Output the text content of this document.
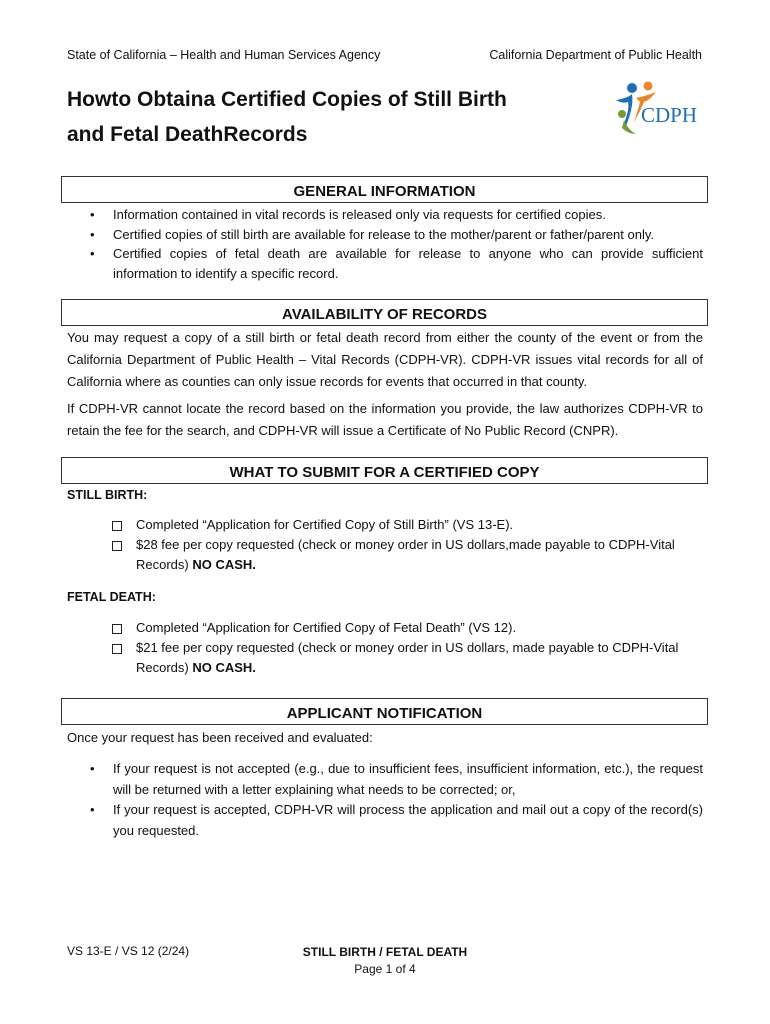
State of California – Health and Human Services Agency	California Department of Public Health
Howto Obtaina Certified Copies of Still Birth
and Fetal DeathRecords
CDPH
GENERAL INFORMATION
• Information contained in vital records is released only via requests for certified copies.
• Certified copies of still birth are available for release to the mother/parent or father/parent only.
• Certified copies of fetal death are available for release to anyone who can provide sufficient information to identify a specific record.
AVAILABILITY OF RECORDS
You may request a copy of a still birth or fetal death record from either the county of the event or from the California Department of Public Health – Vital Records (CDPH-VR). CDPH-VR issues vital records for all of California where as counties can only issue records for events that occurred in that county.
If CDPH-VR cannot locate the record based on the information you provide, the law authorizes CDPH-VR to retain the fee for the search, and CDPH-VR will issue a Certificate of No Public Record (CNPR).
WHAT TO SUBMIT FOR A CERTIFIED COPY
STILL BIRTH:
Completed “Application for Certified Copy of Still Birth” (VS 13-E).
$28 fee per copy requested (check or money order in US dollars,made payable to CDPH-Vital Records) NO CASH.
FETAL DEATH:
Completed “Application for Certified Copy of Fetal Death” (VS 12).
$21 fee per copy requested (check or money order in US dollars, made payable to CDPH-Vital Records) NO CASH.
APPLICANT NOTIFICATION
Once your request has been received and evaluated:
• If your request is not accepted (e.g., due to insufficient fees, insufficient information, etc.), the request will be returned with a letter explaining what needs to be corrected; or,
• If your request is accepted, CDPH-VR will process the application and mail out a copy of the record(s) you requested.
VS 13-E / VS 12 (2/24)	STILL BIRTH / FETAL DEATH
Page 1 of 4
